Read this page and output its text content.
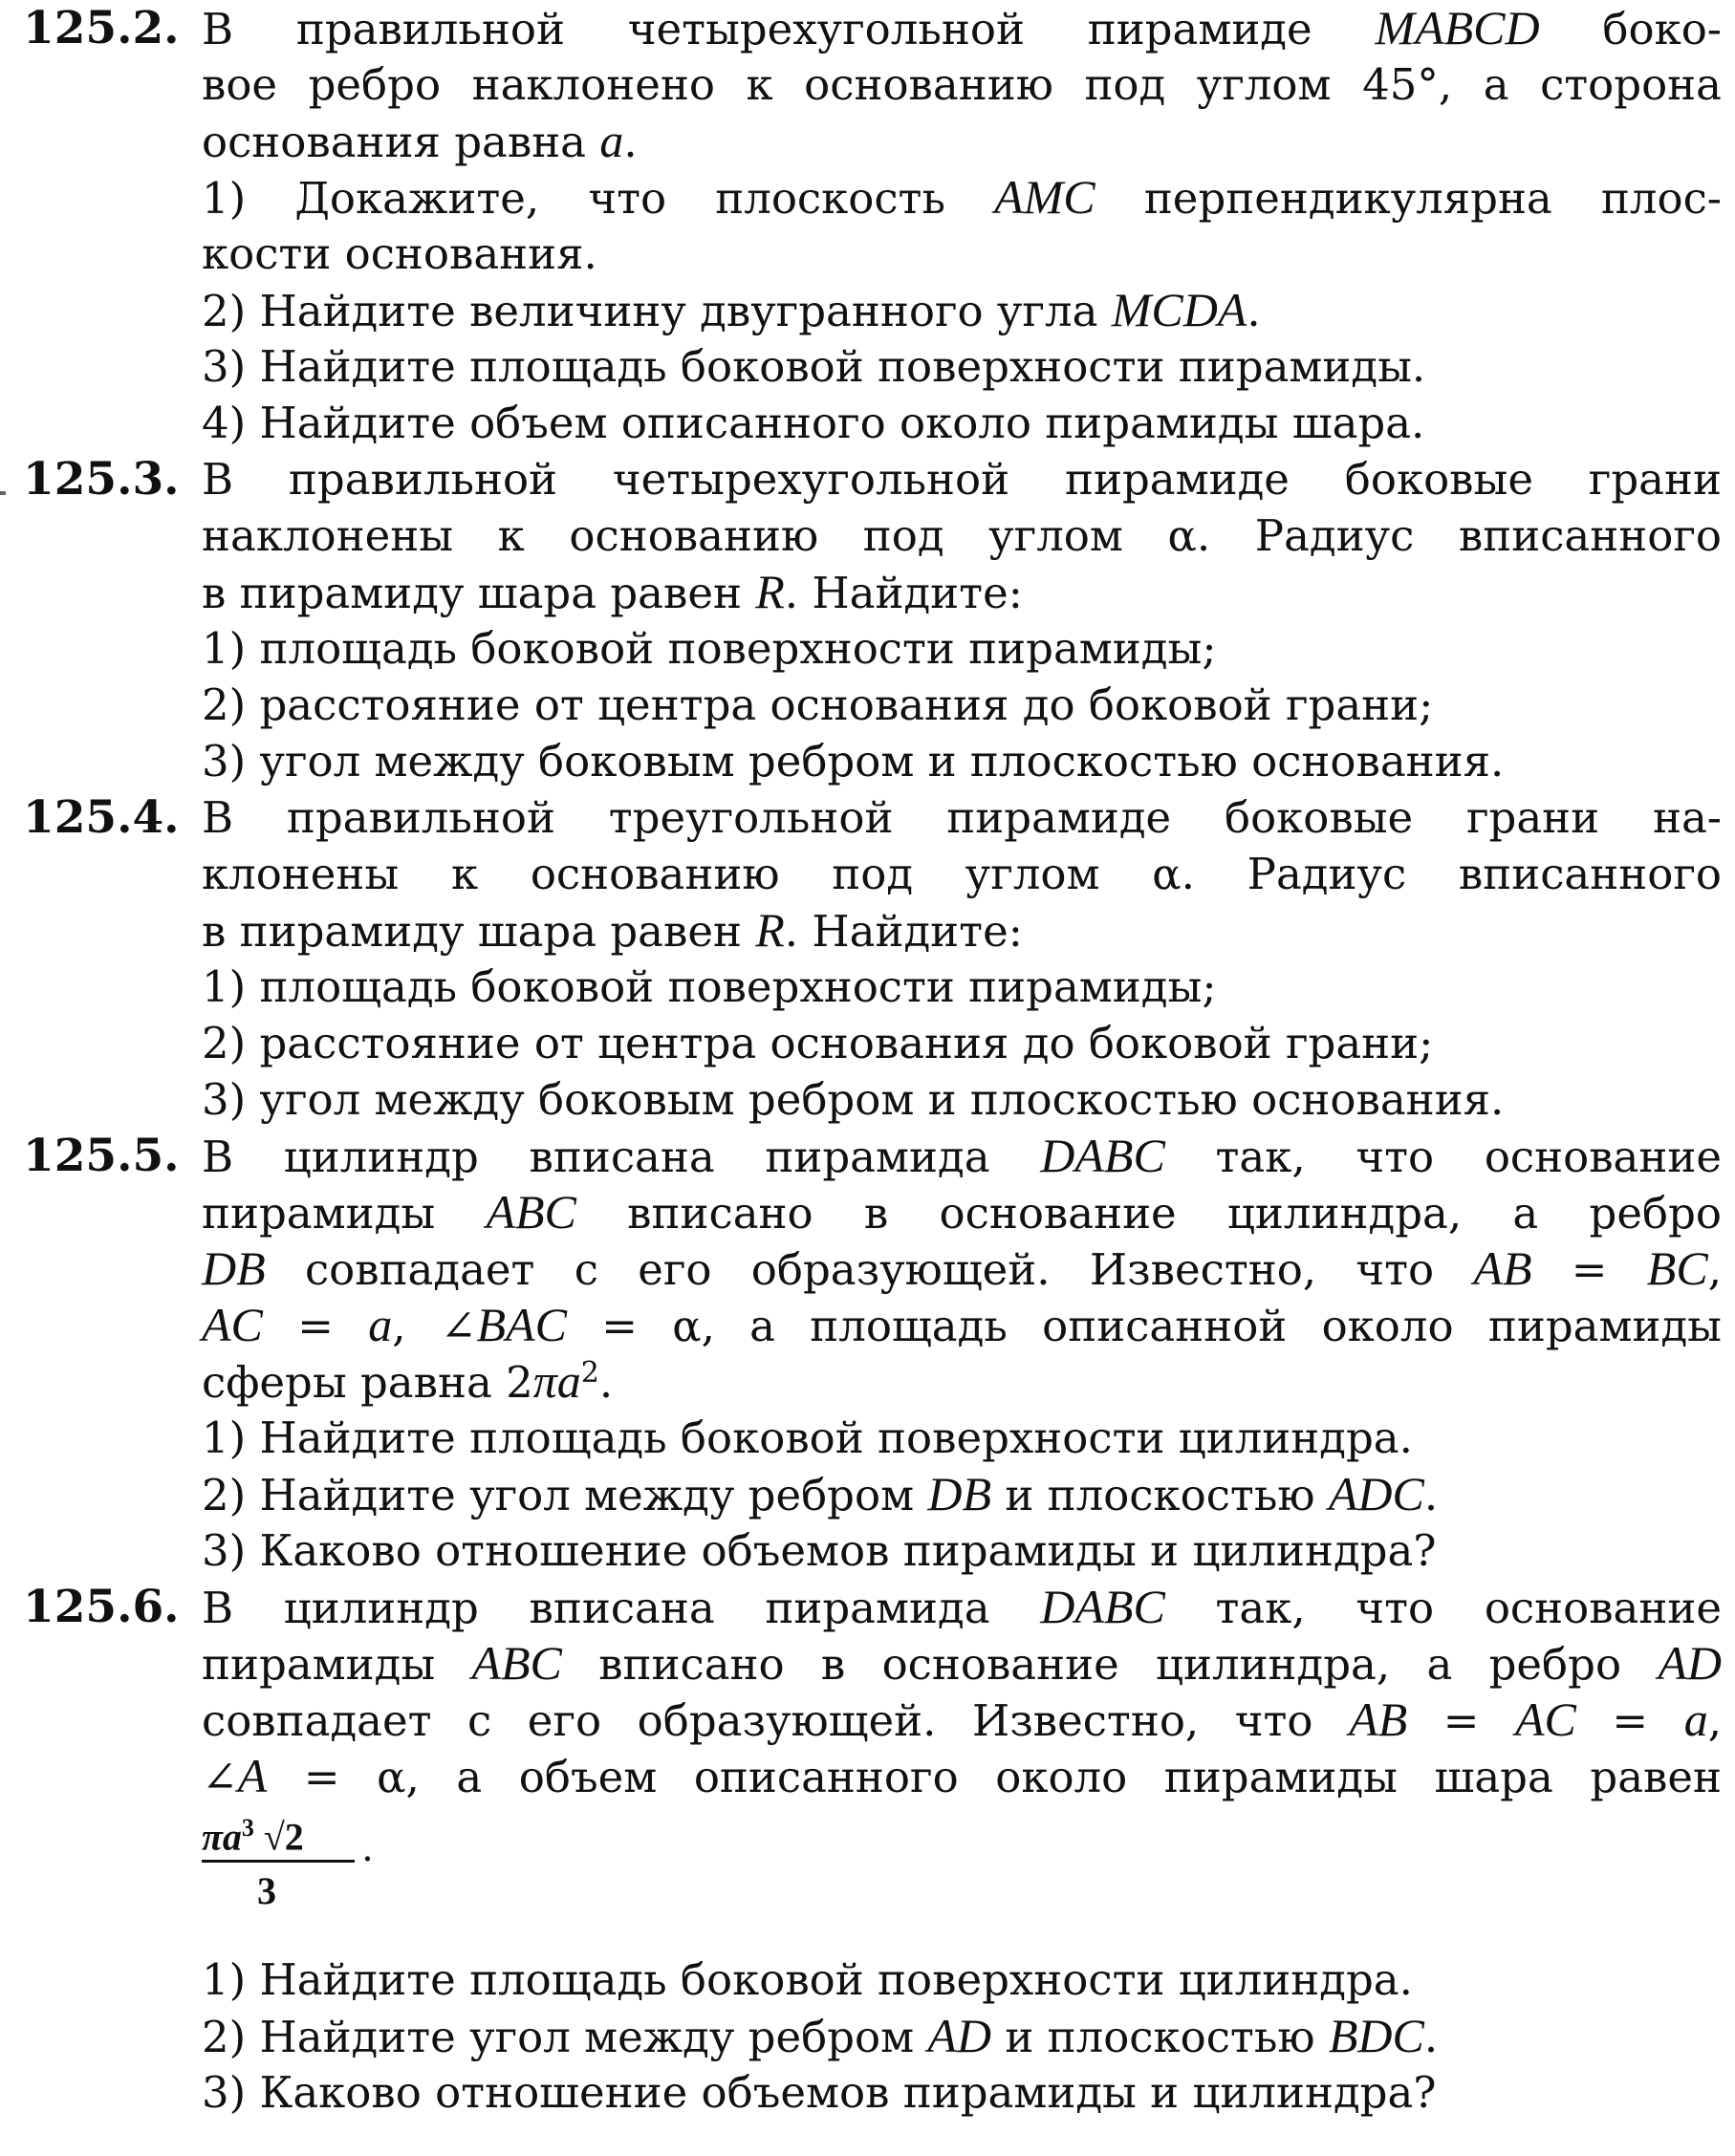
125.2. В правильной четырехугольной пирамиде MABCD боко-
вое ребро наклонено к основанию под углом 45°, а сторона
основания равна a.
1) Докажите, что плоскость AMC перпендикулярна плос-
кости основания.
2) Найдите величину двугранного угла MCDA.
3) Найдите площадь боковой поверхности пирамиды.
4) Найдите объем описанного около пирамиды шара.
125.3. В правильной четырехугольной пирамиде боковые грани
наклонены к основанию под углом α. Радиус вписанного
в пирамиду шара равен R. Найдите:
1) площадь боковой поверхности пирамиды;
2) расстояние от центра основания до боковой грани;
3) угол между боковым ребром и плоскостью основания.
125.4. В правильной треугольной пирамиде боковые грани на-
клонены к основанию под углом α. Радиус вписанного
в пирамиду шара равен R. Найдите:
1) площадь боковой поверхности пирамиды;
2) расстояние от центра основания до боковой грани;
3) угол между боковым ребром и плоскостью основания.
125.5. В цилиндр вписана пирамида DABC так, что основание
пирамиды ABC вписано в основание цилиндра, а ребро
DB совпадает с его образующей. Известно, что AB = BC,
AC = a, ∠BAC = α, а площадь описанной около пирамиды
сферы равна $2\pi a^2$.
1) Найдите площадь боковой поверхности цилиндра.
2) Найдите угол между ребром DB и плоскостью ADC.
3) Каково отношение объемов пирамиды и цилиндра?
125.6. В цилиндр вписана пирамида DABC так, что основание
пирамиды ABC вписано в основание цилиндра, а ребро AD
совпадает с его образующей. Известно, что AB = AC = a,
∠A = α, а объем описанного около пирамиды шара равен
$\pi a^3$ √2	.
3
1) Найдите площадь боковой поверхности цилиндра.
2) Найдите угол между ребром AD и плоскостью BDC.
3) Каково отношение объемов пирамиды и цилиндра?
